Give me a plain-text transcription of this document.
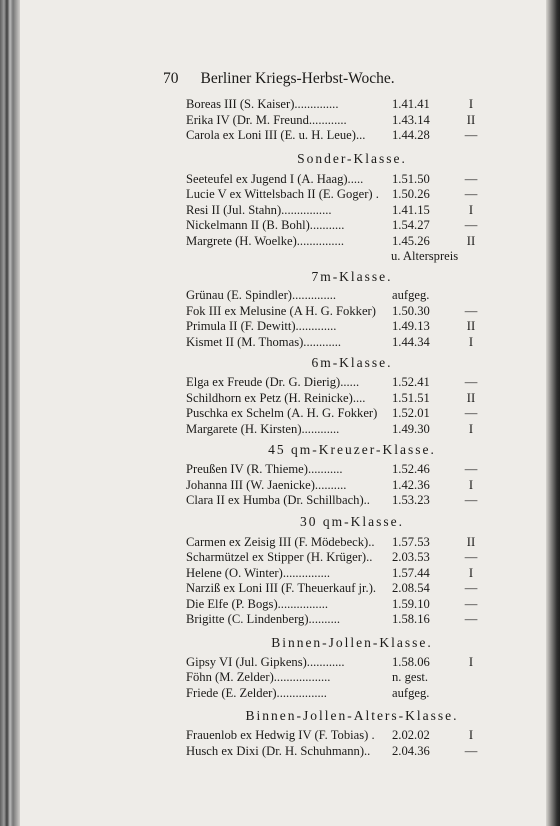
70 Berliner Kriegs-Herbst-Woche.
Boreas III (S. Kaiser)..............	1.41.41	I
Erika IV (Dr. M. Freund............	1.43.14	II
Carola ex Loni III (E. u. H. Leue)... 1.44.28	—
Sonder-Klasse.
Seeteufel ex Jugend I (A. Haag)..... 1.51.50	—
Lucie V ex Wittelsbach II (E. Goger) . 1.50.26	—
Resi II (Jul. Stahn)................	1.41.15	I
Nickelmann II (B. Bohl)...........	1.54.27	—
Margrete (H. Woelke)...............	1.45.26	II
u. Alterspreis
7m-Klasse.
Grünau (E. Spindler)..............	aufgeg.
Fok III ex Melusine (A H. G. Fokker) 1.50.30	—
Primula II (F. Dewitt).............	1.49.13	II
Kismet II (M. Thomas)............	1.44.34	I
6m-Klasse.
Elga ex Freude (Dr. G. Dierig)......	1.52.41	—
Schildhorn ex Petz (H. Reinicke).... 1.51.51	II
Puschka ex Schelm (A. H. G. Fokker) 1.52.01	—
Margarete (H. Kirsten)............	1.49.30	I
45 qm-Kreuzer-Klasse.
Preußen IV (R. Thieme)...........	1.52.46	—
Johanna III (W. Jaenicke)..........	1.42.36	I
Clara II ex Humba (Dr. Schillbach).. 1.53.23	—
30 qm-Klasse.
Carmen ex Zeisig III (F. Mödebeck).. 1.57.53	II
Scharmützel ex Stipper (H. Krüger).. 2.03.53	—
Helene (O. Winter)...............	1.57.44	I
Narziß ex Loni III (F. Theuerkauf jr.). 2.08.54	—
Die Elfe (P. Bogs)................	1.59.10	—
Brigitte (C. Lindenberg)..........	1.58.16	—
Binnen-Jollen-Klasse.
Gipsy VI (Jul. Gipkens)............	1.58.06	I
Föhn (M. Zelder)..................	n. gest.
Friede (E. Zelder)................	aufgeg.
Binnen-Jollen-Alters-Klasse.
Frauenlob ex Hedwig IV (F. Tobias) . 2.02.02	I
Husch ex Dixi (Dr. H. Schuhmann).. 2.04.36	—
